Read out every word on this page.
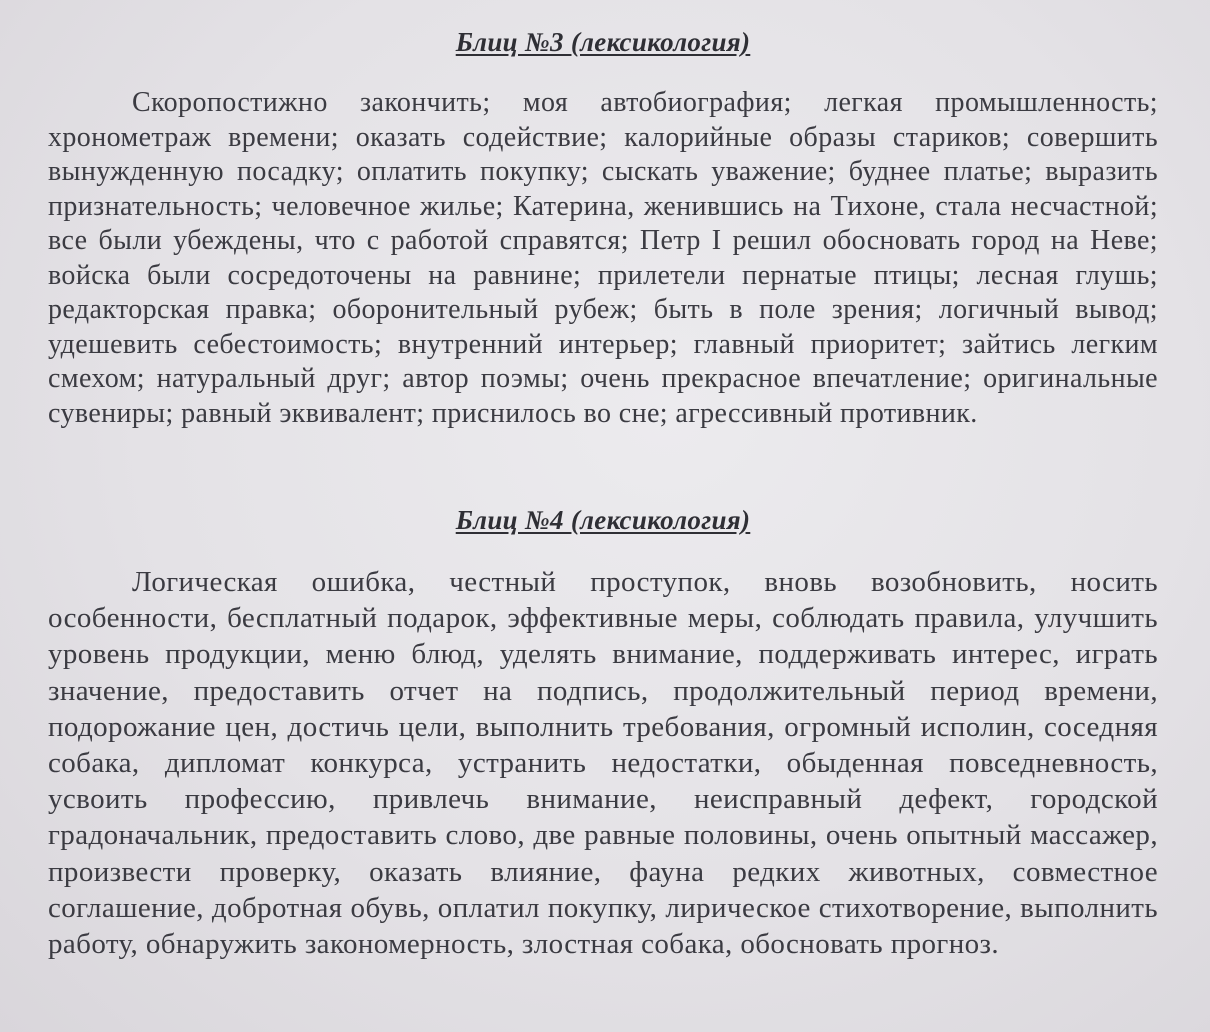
Блиц №3 (лексикология)

Скоропостижно закончить; моя автобиография; легкая промышленность; хронометраж времени; оказать содействие; калорийные образы стариков; совершить вынужденную посадку; оплатить покупку; сыскать уважение; буднее платье; выразить признательность; человечное жилье; Катерина, женившись на Тихоне, стала несчастной; все были убеждены, что с работой справятся; Петр I решил обосновать город на Неве; войска были сосредоточены на равнине; прилетели пернатые птицы; лесная глушь; редакторская правка; оборонительный рубеж; быть в поле зрения; логичный вывод; удешевить себестоимость; внутренний интерьер; главный приоритет; зайтись легким смехом; натуральный друг; автор поэмы; очень прекрасное впечатление; оригинальные сувениры; равный эквивалент; приснилось во сне; агрессивный противник.

Блиц №4 (лексикология)

Логическая ошибка, честный проступок, вновь возобновить, носить особенности, бесплатный подарок, эффективные меры, соблюдать правила, улучшить уровень продукции, меню блюд, уделять внимание, поддерживать интерес, играть значение, предоставить отчет на подпись, продолжительный период времени, подорожание цен, достичь цели, выполнить требования, огромный исполин, соседняя собака, дипломат конкурса, устранить недостатки, обыденная повседневность, усвоить профессию, привлечь внимание, неисправный дефект, городской градоначальник, предоставить слово, две равные половины, очень опытный массажер, произвести проверку, оказать влияние, фауна редких животных, совместное соглашение, добротная обувь, оплатил покупку, лирическое стихотворение, выполнить работу, обнаружить закономерность, злостная собака, обосновать прогноз.
